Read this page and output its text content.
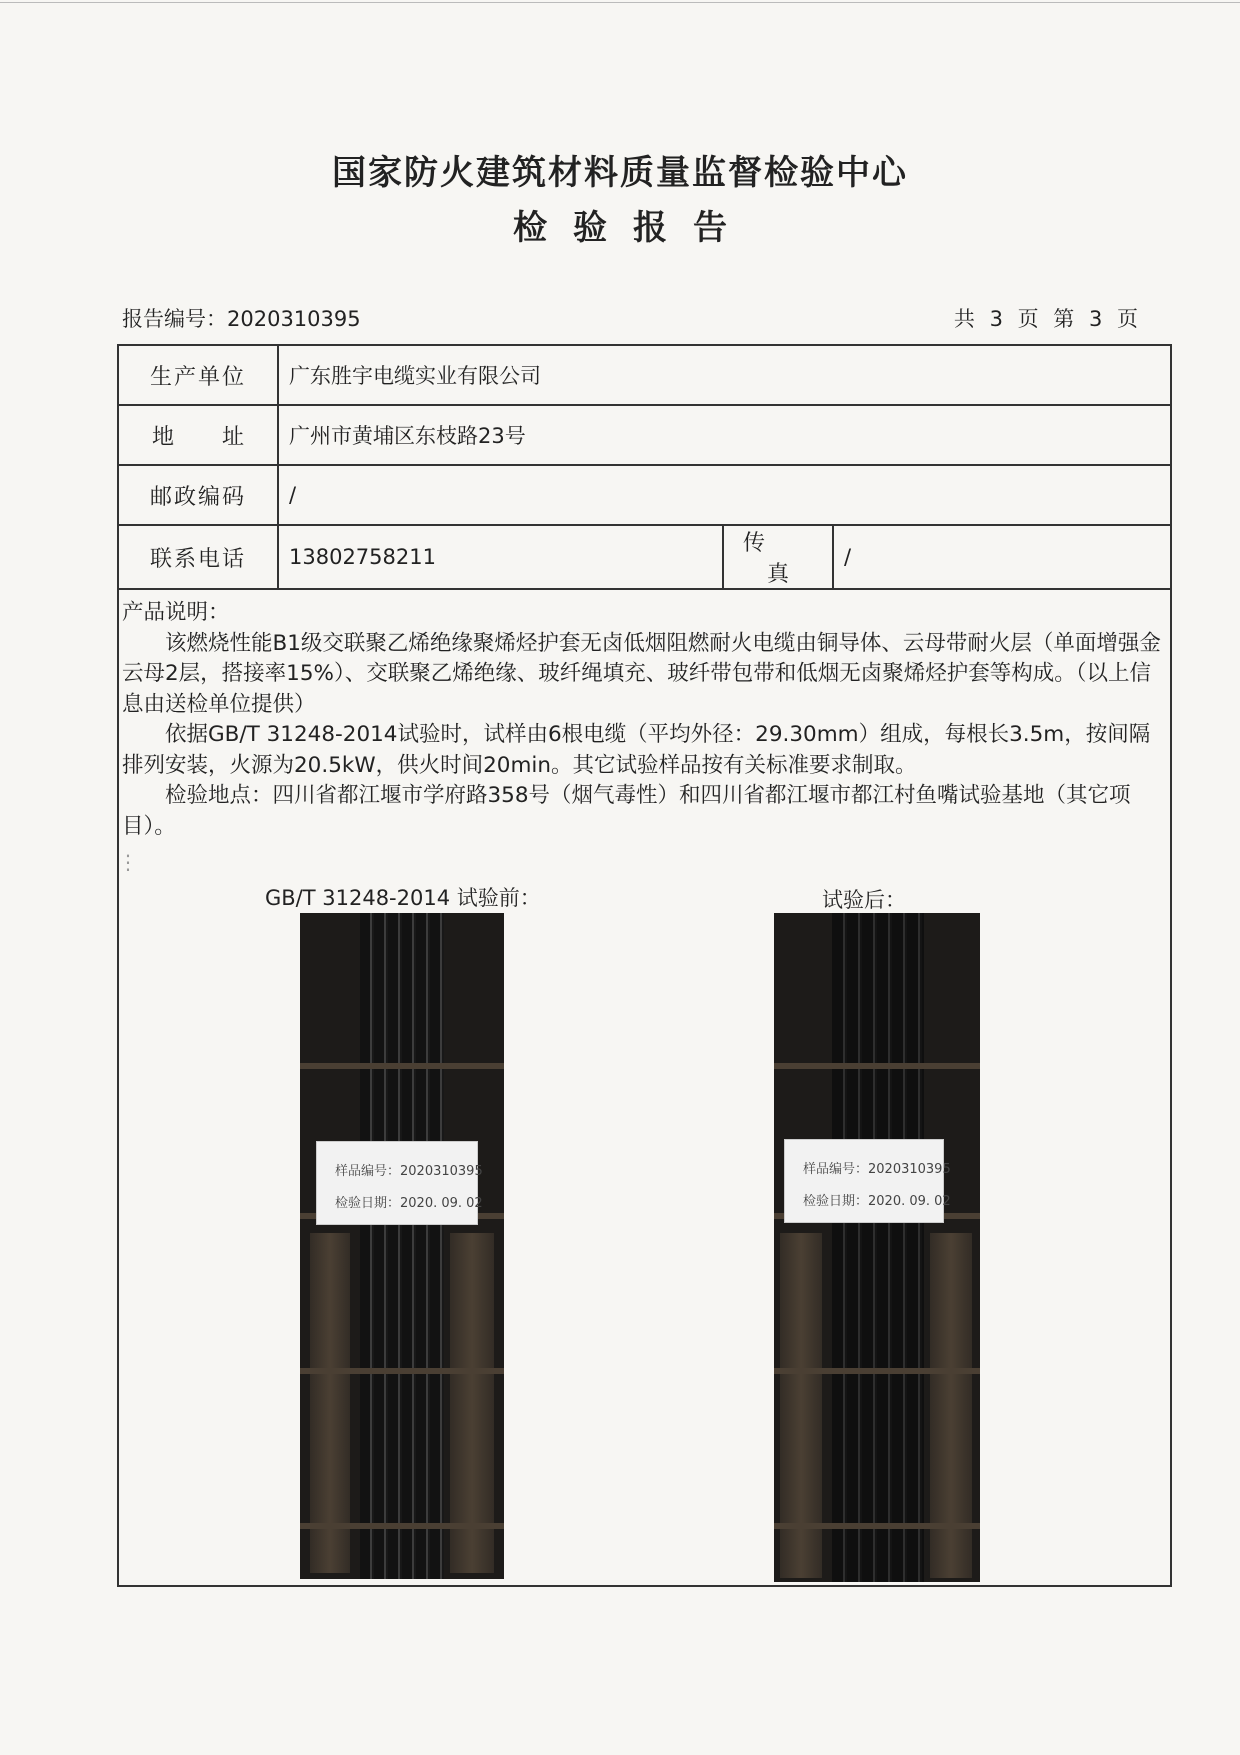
国家防火建筑材料质量监督检验中心
检验报告
报告编号：2020310395	共 3 页 第 3 页
生产单位	广东胜宇电缆实业有限公司		
地 址	广州市黄埔区东枝路23号		
邮政编码	/		
联系电话	13802758211	传真	/

产品说明：

该燃烧性能B1级交联聚乙烯绝缘聚烯烃护套无卤低烟阻燃耐火电缆由铜导体、云母带耐火层（单面增强金云母2层，搭接率15%）、交联聚乙烯绝缘、玻纤绳填充、玻纤带包带和低烟无卤聚烯烃护套等构成。（以上信息由送检单位提供）

依据GB/T 31248-2014试验时，试样由6根电缆（平均外径：29.30mm）组成，每根长3.5m，按间隔排列安装，火源为20.5kW，供火时间20min。其它试验样品按有关标准要求制取。

检验地点：四川省都江堰市学府路358号（烟气毒性）和四川省都江堰市都江村鱼嘴试验基地（其它项目）。

⋮
GB/T 31248-2014 试验前：	试验后：
样品编号：2020310395
检验日期：2020. 09. 02
样品编号：2020310395
检验日期：2020. 09. 02
